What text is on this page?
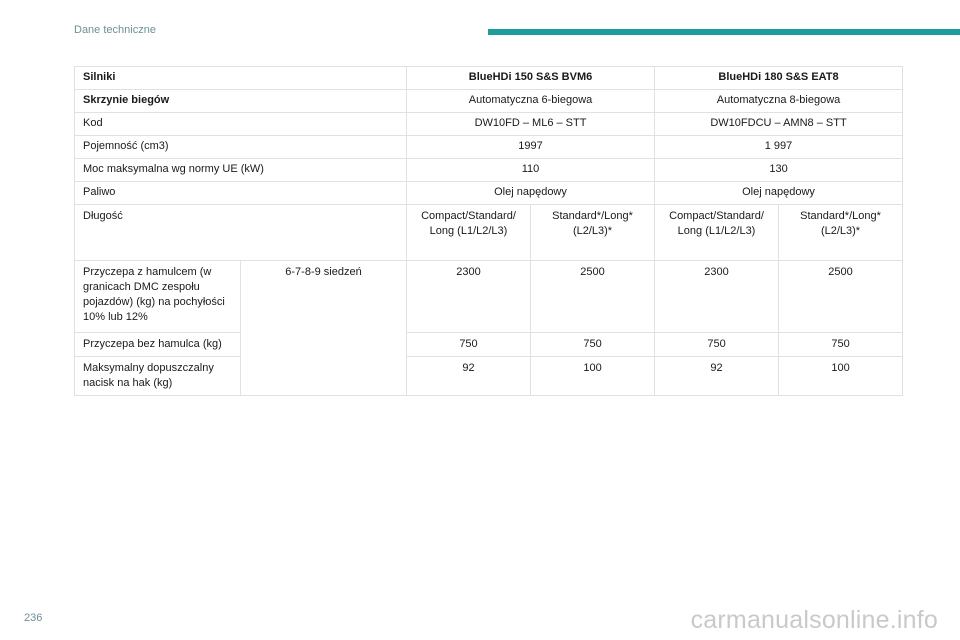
Dane techniczne
Silniki		BlueHDi 150 S&S BVM6		BlueHDi 180 S&S EAT8	
Skrzynie biegów		Automatyczna 6-biegowa		Automatyczna 8-biegowa	
Kod		DW10FD – ML6 – STT		DW10FDCU – AMN8 – STT	
Pojemność (cm3)		1997		1 997	
Moc maksymalna wg normy UE (kW)		110		130	
Paliwo		Olej napędowy		Olej napędowy	
Długość		Compact/Standard/ Long (L1/L2/L3)	Standard*/Long* (L2/L3)*	Compact/Standard/ Long (L1/L2/L3)	Standard*/Long* (L2/L3)*
Przyczepa z hamulcem (w granicach DMC zespołu pojazdów) (kg) na pochyłości 10% lub 12%	6-7-8-9 siedzeń	2300	2500	2300	2500
Przyczepa bez hamulca (kg)		750	750	750	750
Maksymalny dopuszczalny nacisk na hak (kg)		92	100	92	100
236	carmanualsonline.info
